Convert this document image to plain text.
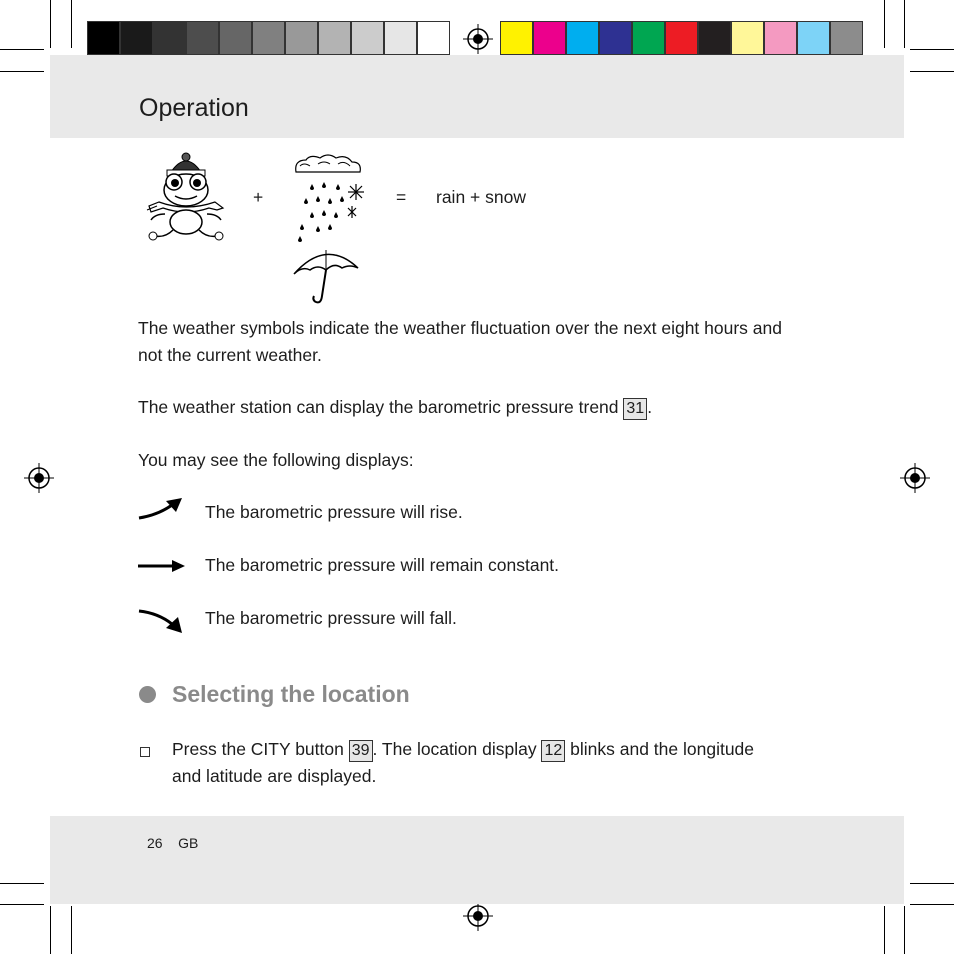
Operation
+	= rain + snow
The weather symbols indicate the weather fluctuation over the next eight hours and
not the current weather.
The weather station can display the barometric pressure trend 31 .
You may see the following displays:
The barometric pressure will rise.
The barometric pressure will remain constant.
The barometric pressure will fall.
Selecting the location
Press the CITY button 39 . The location display 12 blinks and the longitude
and latitude are displayed.
26 GB
